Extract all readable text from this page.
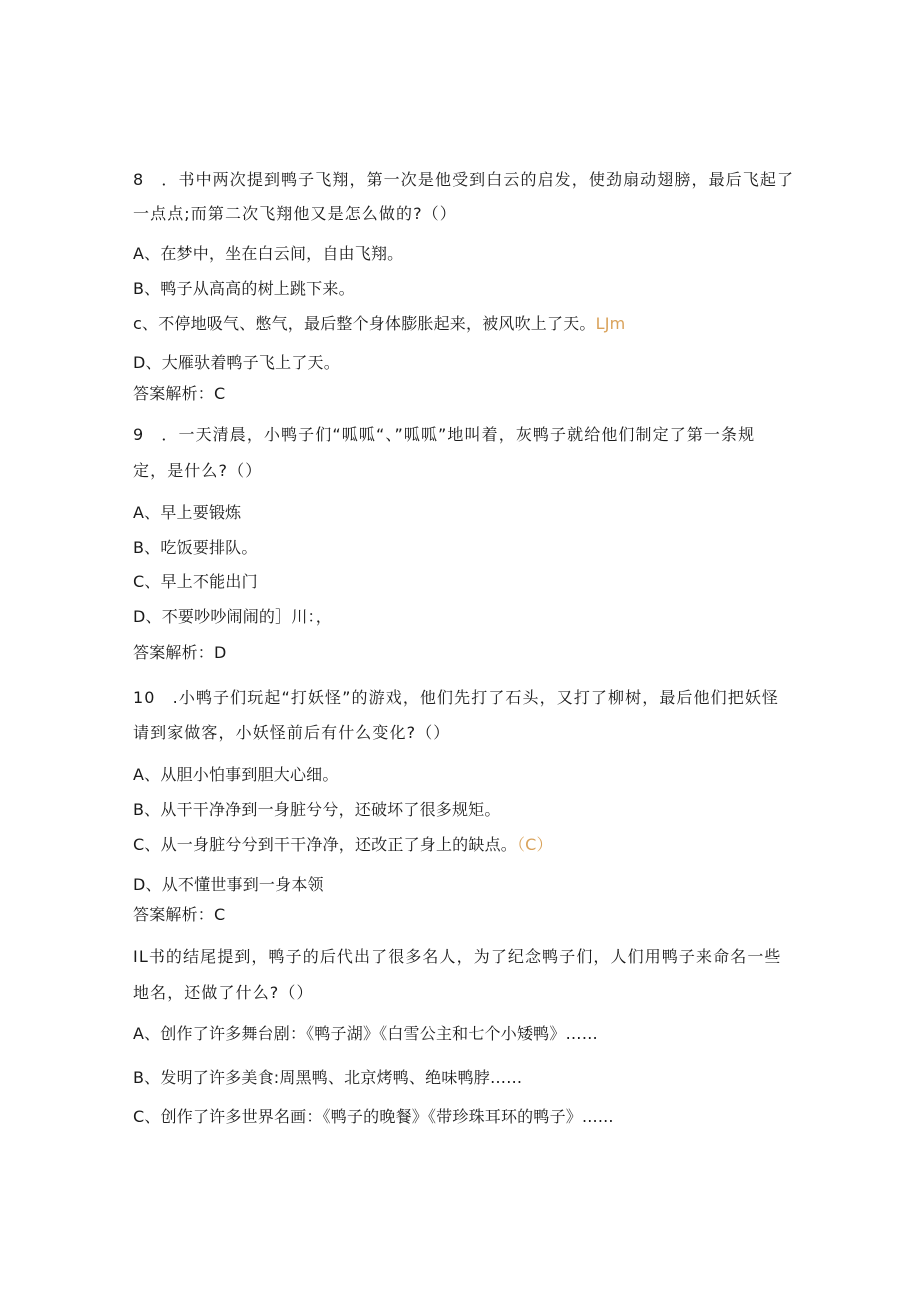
8　．书中两次提到鸭子飞翔，第一次是他受到白云的启发，使劲扇动翅膀，最后飞起了
一点点;而第二次飞翔他又是怎么做的?（）
A、在梦中，坐在白云间，自由飞翔。
B、鸭子从高高的树上跳下来。
c、不停地吸气、憋气，最后整个身体膨胀起来，被风吹上了天。LJm
D、大雁驮着鸭子飞上了天。
答案解析：C
9　．一天清晨，小鸭子们“呱呱“、”呱呱”地叫着，灰鸭子就给他们制定了第一条规
定，是什么?（）
A、早上要锻炼
B、吃饭要排队。
C、早上不能出门
D、不要吵吵闹闹的］川：，
答案解析：D
10　.小鸭子们玩起“打妖怪”的游戏，他们先打了石头，又打了柳树，最后他们把妖怪
请到家做客，小妖怪前后有什么变化?（）
A、从胆小怕事到胆大心细。
B、从干干净净到一身脏兮兮，还破坏了很多规矩。
C、从一身脏兮兮到干干净净，还改正了身上的缺点。（C）
D、从不懂世事到一身本领
答案解析：C
IL书的结尾提到，鸭子的后代出了很多名人，为了纪念鸭子们，人们用鸭子来命名一些
地名，还做了什么?（）
A、创作了许多舞台剧：《鸭子湖》《白雪公主和七个小矮鸭》……
B、发明了许多美食:周黑鸭、北京烤鸭、绝味鸭脖……
C、创作了许多世界名画：《鸭子的晚餐》《带珍珠耳环的鸭子》......
